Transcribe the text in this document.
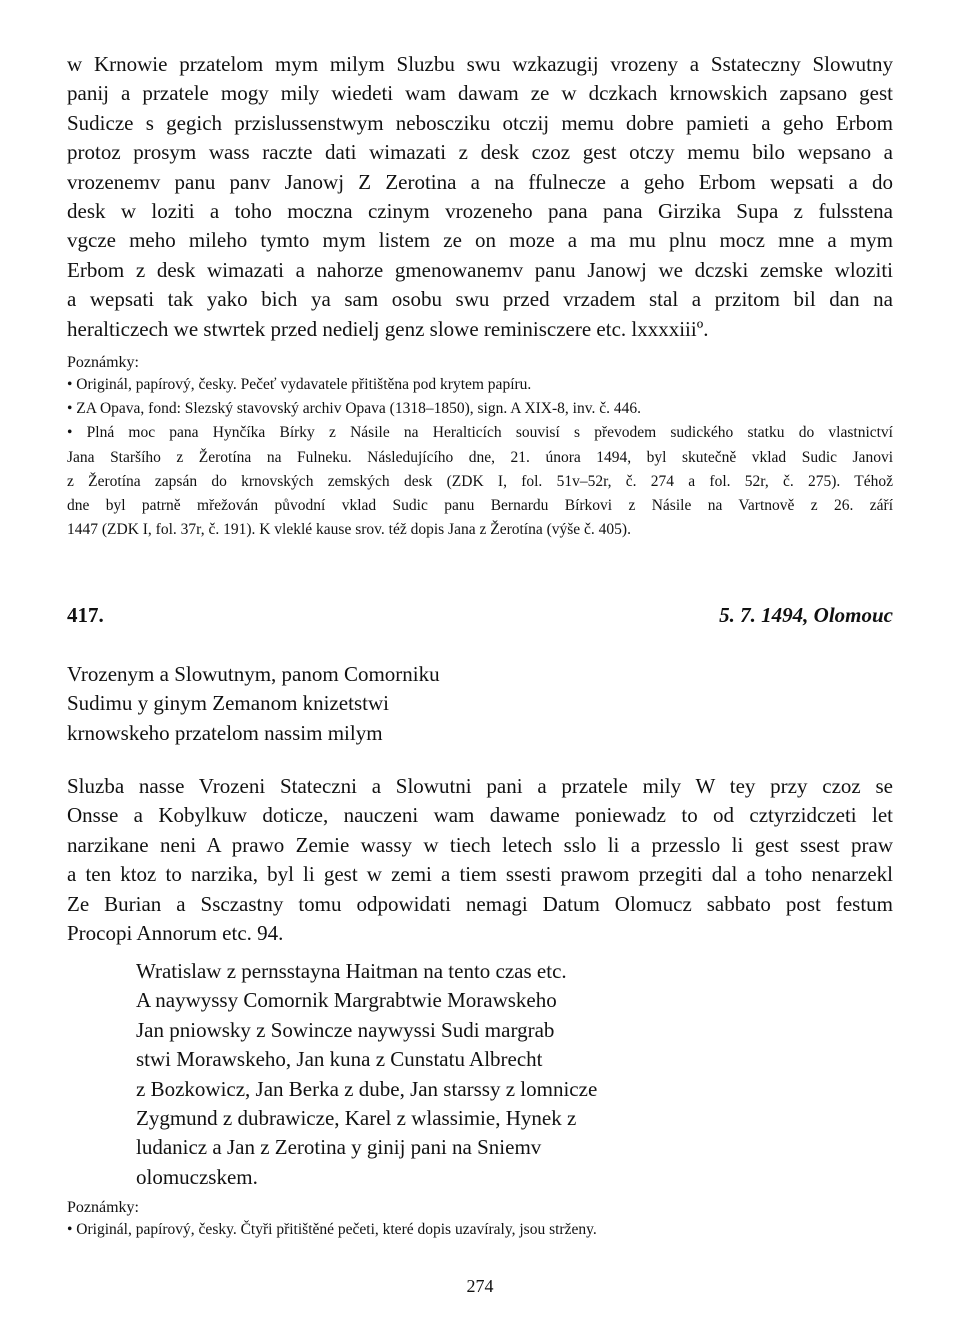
w Krnowie przatelom mym milym Sluzbu swu wzkazugij vrozeny a Sstateczny Slowutny
panij a przatele mogy mily wiedeti wam dawam ze w dczkach krnowskich zapsano gest
Sudicze s gegich przislussenstwym neboscziku otczij memu dobre pamieti a geho Erbom
protoz prosym wass raczte dati wimazati z desk czoz gest otczy memu bilo wepsano a
vrozenemv panu panv Janowj Z Zerotina a na ffulnecze a geho Erbom wepsati a do
desk w loziti a toho moczna czinym vrozeneho pana pana Girzika Supa z fulsstena
vgcze meho mileho tymto mym listem ze on moze a ma mu plnu mocz mne a mym
Erbom z desk wimazati a nahorze gmenowanemv panu Janowj we dczski zemske wloziti
a wepsati tak yako bich ya sam osobu swu przed vrzadem stal a przitom bil dan na
heralticzech we stwrtek przed nedielj genz slowe reminisczere etc. lxxxxiiiº.

Poznámky:

• Originál, papírový, česky. Pečeť vydavatele přitištěna pod krytem papíru.

• ZA Opava, fond: Slezský stavovský archiv Opava (1318–1850), sign. A XIX-8, inv. č. 446.

• Plná moc pana Hynčíka Bírky z Násile na Heralticích souvisí s převodem sudického statku do vlastnictví
Jana Staršího z Žerotína na Fulneku. Následujícího dne, 21. února 1494, byl skutečně vklad Sudic Janovi
z Žerotína zapsán do krnovských zemských desk (ZDK I, fol. 51v–52r, č. 274 a fol. 52r, č. 275). Téhož
dne byl patrně mřežován původní vklad Sudic panu Bernardu Bírkovi z Násile na Vartnově z 26. září
1447 (ZDK I, fol. 37r, č. 191). K vleklé kause srov. též dopis Jana z Žerotína (výše č. 405).

417.	5. 7. 1494, Olomouc
Vrozenym a Slowutnym, panom Comorniku
Sudimu y ginym Zemanom knizetstwi
krnowskeho przatelom nassim milym

Sluzba nasse Vrozeni Stateczni a Slowutni pani a przatele mily W tey przy czoz se
Onsse a Kobylkuw doticze, nauczeni wam dawame poniewadz to od cztyrzidczeti let
narzikane neni A prawo Zemie wassy w tiech letech sslo li a przesslo li gest ssest praw
a ten ktoz to narzika, byl li gest w zemi a tiem ssesti prawom przegiti dal a toho nenarzekl
Ze Burian a Ssczastny tomu odpowidati nemagi Datum Olomucz sabbato post festum
Procopi Annorum etc. 94.

Wratislaw z pernsstayna Haitman na tento czas etc.
A naywyssy Comornik Margrabtwie Morawskeho
Jan pniowsky z Sowincze naywyssi Sudi margrab
stwi Morawskeho, Jan kuna z Cunstatu Albrecht
z Bozkowicz, Jan Berka z dube, Jan starssy z lomnicze
Zygmund z dubrawicze, Karel z wlassimie, Hynek z
ludanicz a Jan z Zerotina y ginij pani na Sniemv
olomuczskem.
Poznámky:

• Originál, papírový, česky. Čtyři přitištěné pečeti, které dopis uzavíraly, jsou strženy.

274
